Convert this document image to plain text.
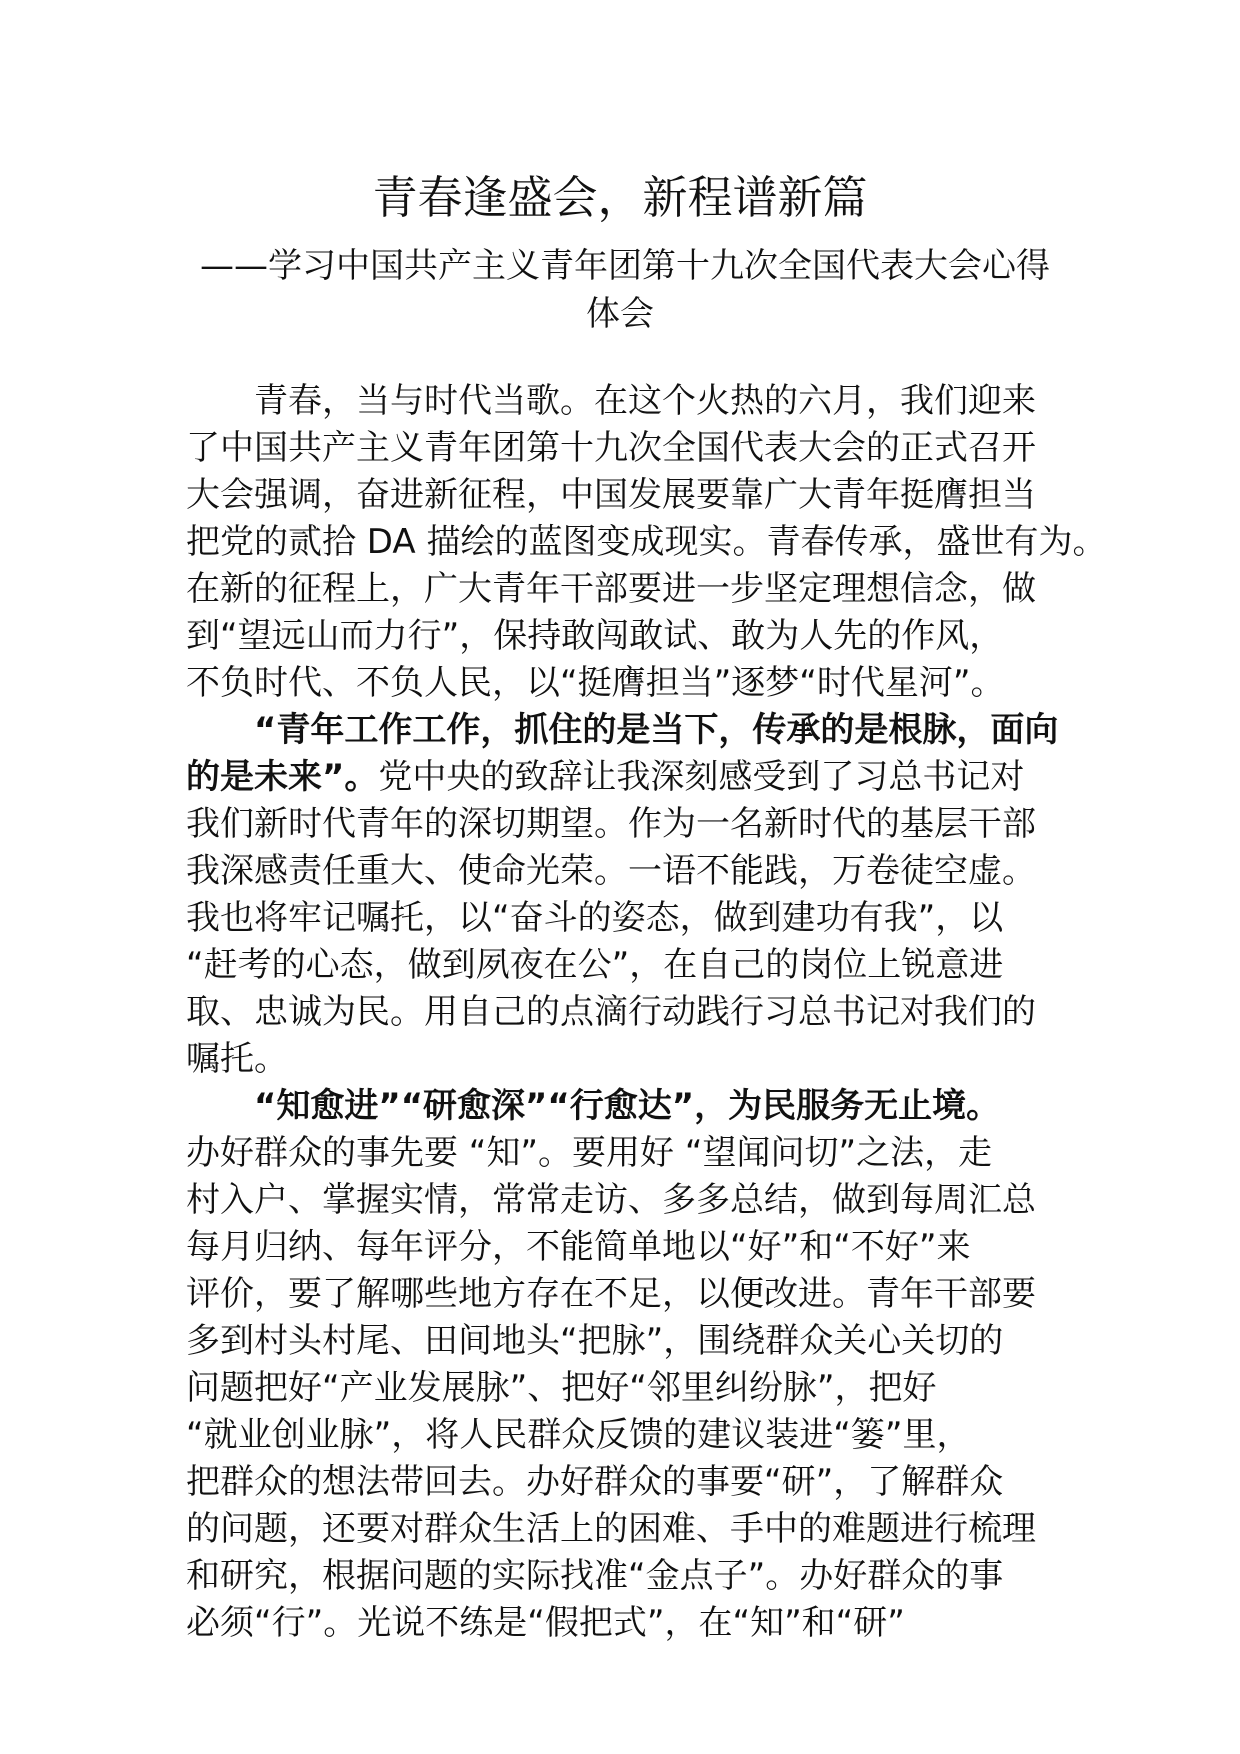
青春逢盛会，新程谱新篇
——学习中国共产主义青年团第十九次全国代表大会心得
体会
青春，当与时代当歌。在这个火热的六月，我们迎来
了中国共产主义青年团第十九次全国代表大会的正式召开
大会强调，奋进新征程，中国发展要靠广大青年挺膺担当
把党的贰拾 DA 描绘的蓝图变成现实。青春传承，盛世有为。
在新的征程上，广大青年干部要进一步坚定理想信念，做
到“望远山而力行”，保持敢闯敢试、敢为人先的作风，
不负时代、不负人民，以“挺膺担当”逐梦“时代星河”。
“青年工作工作，抓住的是当下，传承的是根脉，面向
的是未来”。党中央的致辞让我深刻感受到了习总书记对
我们新时代青年的深切期望。作为一名新时代的基层干部
我深感责任重大、使命光荣。一语不能践，万卷徒空虚。
我也将牢记嘱托，以“奋斗的姿态，做到建功有我”，以
“赶考的心态，做到夙夜在公”，在自己的岗位上锐意进
取、忠诚为民。用自己的点滴行动践行习总书记对我们的
嘱托。
“知愈进”“研愈深”“行愈达”，为民服务无止境。
办好群众的事先要 “知”。要用好 “望闻问切”之法，走
村入户、掌握实情，常常走访、多多总结，做到每周汇总
每月归纳、每年评分，不能简单地以“好”和“不好”来
评价，要了解哪些地方存在不足，以便改进。青年干部要
多到村头村尾、田间地头“把脉”，围绕群众关心关切的
问题把好“产业发展脉”、把好“邻里纠纷脉”，把好
“就业创业脉”，将人民群众反馈的建议装进“篓”里，
把群众的想法带回去。办好群众的事要“研”，了解群众
的问题，还要对群众生活上的困难、手中的难题进行梳理
和研究，根据问题的实际找准“金点子”。办好群众的事
必须“行”。光说不练是“假把式”，在“知”和“研”
